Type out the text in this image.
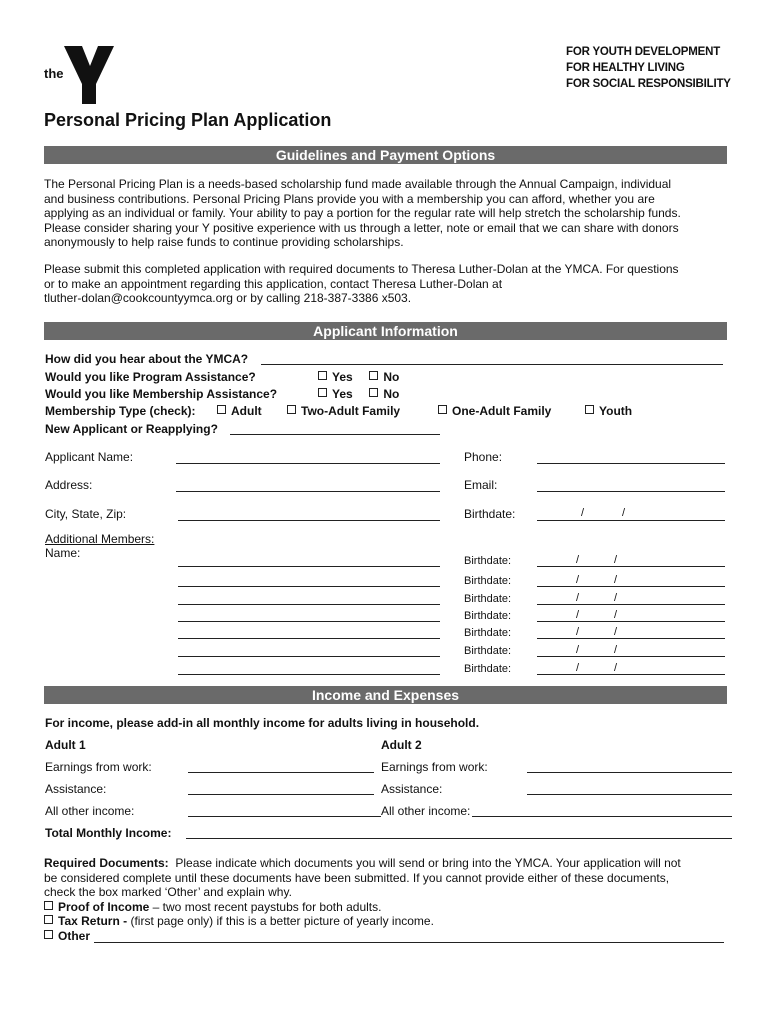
the
YMCA
FOR YOUTH DEVELOPMENT
FOR HEALTHY LIVING
FOR SOCIAL RESPONSIBILITY
Personal Pricing Plan Application
Guidelines and Payment Options
The Personal Pricing Plan is a needs-based scholarship fund made available through the Annual Campaign, individual
and business contributions. Personal Pricing Plans provide you with a membership you can afford, whether you are
applying as an individual or family. Your ability to pay a portion for the regular rate will help stretch the scholarship funds.
Please consider sharing your Y positive experience with us through a letter, note or email that we can share with donors
anonymously to help raise funds to continue providing scholarships.
Please submit this completed application with required documents to Theresa Luther-Dolan at the YMCA. For questions
or to make an appointment regarding this application, contact Theresa Luther-Dolan at
tluther-dolan@cookcountyymca.org or by calling 218-387-3386 x503.
Applicant Information
How did you hear about the YMCA?
Would you like Program Assistance?	Yes	No
Would you like Membership Assistance?	Yes	No
Membership Type (check):	Adult	Two-Adult Family	One-Adult Family	Youth
New Applicant or Reapplying?
Applicant Name:	Phone:
Address:	Email:
City, State, Zip:	Birthdate:	/	/
Additional Members:
Name:
Birthdate:	/	/
Birthdate:	/	/
Birthdate:	/	/
Birthdate:	/	/
Birthdate:	/	/
Birthdate:	/	/
Birthdate:	/	/
Income and Expenses
For income, please add-in all monthly income for adults living in household.
Adult 1	Adult 2
Earnings from work:	Earnings from work:
Assistance:	Assistance:
All other income:	All other income:
Total Monthly Income:
Required Documents: Please indicate which documents you will send or bring into the YMCA. Your application will not
be considered complete until these documents have been submitted. If you cannot provide either of these documents,
check the box marked ‘Other’ and explain why.
Proof of Income – two most recent paystubs for both adults.
Tax Return - (first page only) if this is a better picture of yearly income.
Other
